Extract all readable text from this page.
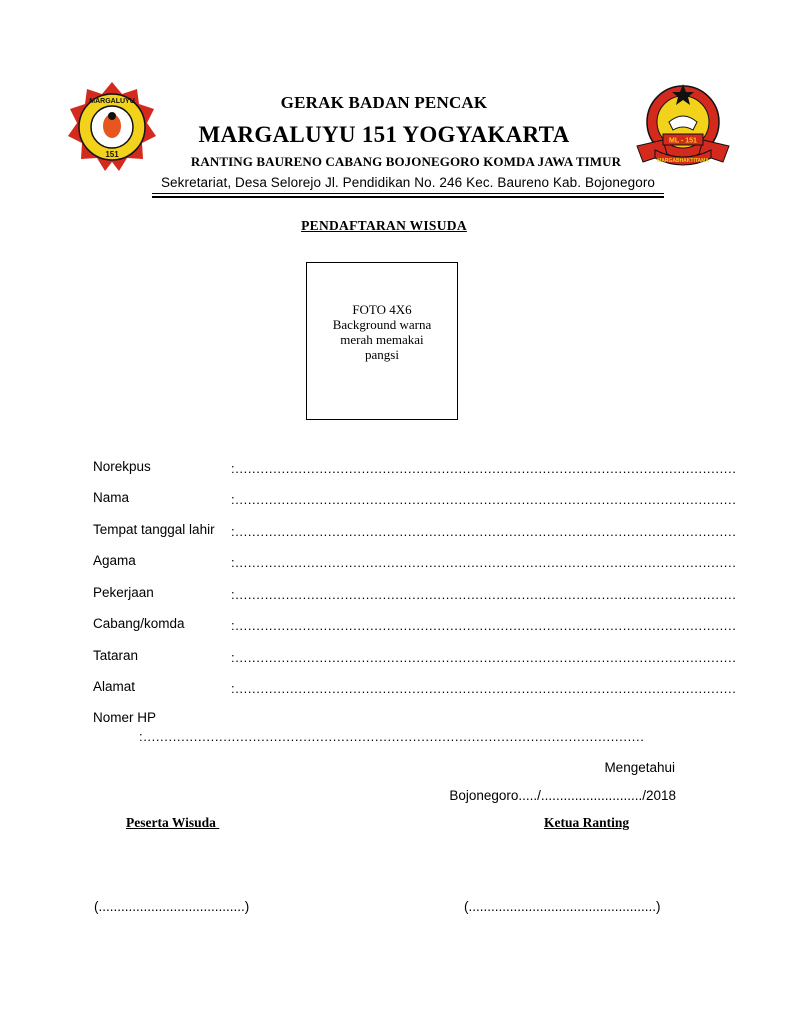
MARGALUYU
151
ML - 151
MARGABHAKTITAMA
GERAK BADAN PENCAK
MARGALUYU 151 YOGYAKARTA
RANTING BAURENO CABANG BOJONEGORO KOMDA JAWA TIMUR
Sekretariat, Desa Selorejo Jl. Pendidikan No. 246 Kec. Baureno Kab. Bojonegoro
PENDAFTARAN WISUDA
FOTO 4X6
Background warna
merah memakai
pangsi
Norekpus	:.......................................................................................................................
Nama	:.......................................................................................................................
Tempat tanggal lahir :.......................................................................................................................
Agama	:.......................................................................................................................
Pekerjaan	:.......................................................................................................................
Cabang/komda	:.......................................................................................................................
Tataran	:.......................................................................................................................
Alamat	:.......................................................................................................................
Nomer HP
:.......................................................................................................................
Mengetahui
Bojonegoro...../.........................../2018
Peserta Wisuda	Ketua Ranting
(.......................................)	(..................................................)
